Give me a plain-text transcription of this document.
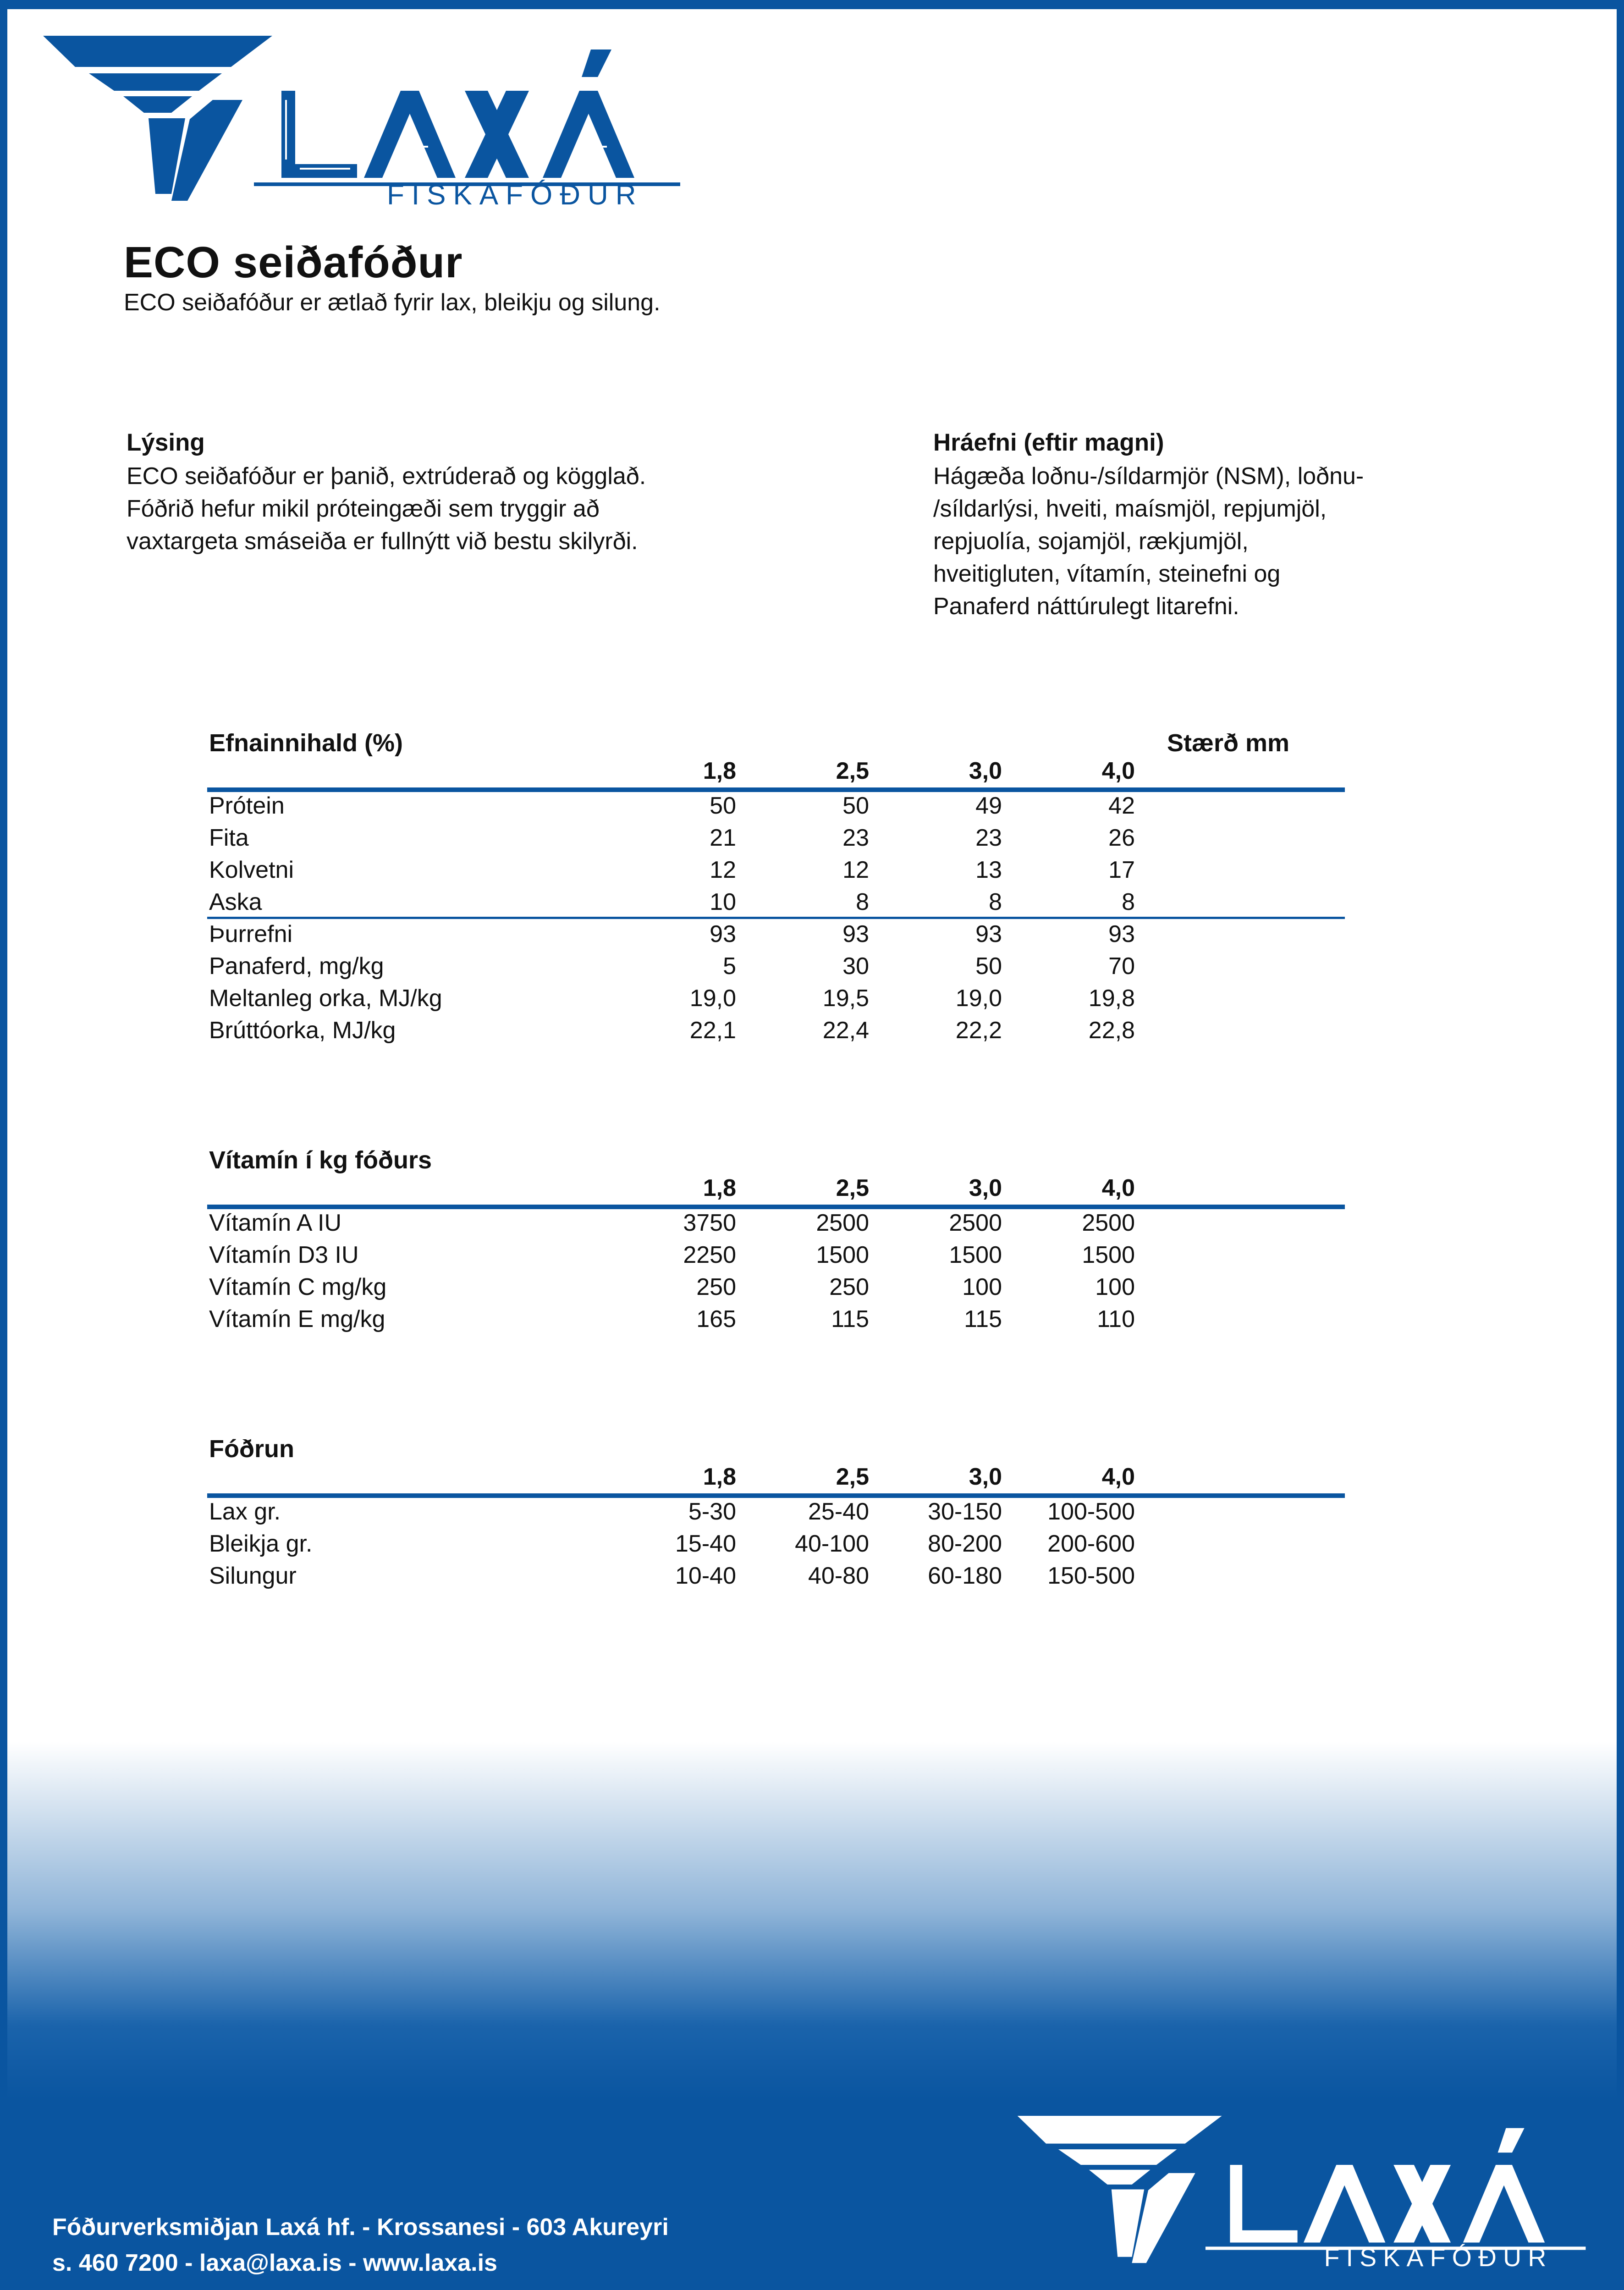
FISKAFÓÐUR
ECO seiðafóður
ECO seiðafóður er ætlað fyrir lax, bleikju og silung.
Lýsing
ECO seiðafóður er þanið, extrúderað og kögglað.
Fóðrið hefur mikil próteingæði sem tryggir að
vaxtargeta smáseiða er fullnýtt við bestu skilyrði.
Hráefni (eftir magni)
Hágæða loðnu-/síldarmjör (NSM), loðnu-
/síldarlýsi, hveiti, maísmjöl, repjumjöl,
repjuolía, sojamjöl, rækjumjöl,
hveitigluten, vítamín, steinefni og
Panaferd náttúrulegt litarefni.
Efnainnihald (%)	Stærð mm
1,8	2,5	3,0	4,0
Prótein	50	50	49	42
Fita	21	23	23	26
Kolvetni	12	12	13	17
Aska	10	8	8	8
Þurrefni	93	93	93	93
Panaferd, mg/kg	5	30	50	70
Meltanleg orka, MJ/kg	19,0	19,5	19,0	19,8
Brúttóorka, MJ/kg	22,1	22,4	22,2	22,8
Vítamín í kg fóðurs
1,8	2,5	3,0	4,0
Vítamín A IU	3750	2500	2500	2500
Vítamín D3 IU	2250	1500	1500	1500
Vítamín C mg/kg	250	250	100	100
Vítamín E mg/kg	165	115	115	110
Fóðrun
1,8	2,5	3,0	4,0
Lax gr.	5-30	25-40 30-150 100-500
Bleikja gr.	15-40 40-100 80-200 200-600
Silungur	10-40	40-80 60-180 150-500
FISKAFÓÐUR
Fóðurverksmiðjan Laxá hf. - Krossanesi - 603 Akureyri
s. 460 7200 - laxa@laxa.is - www.laxa.is
